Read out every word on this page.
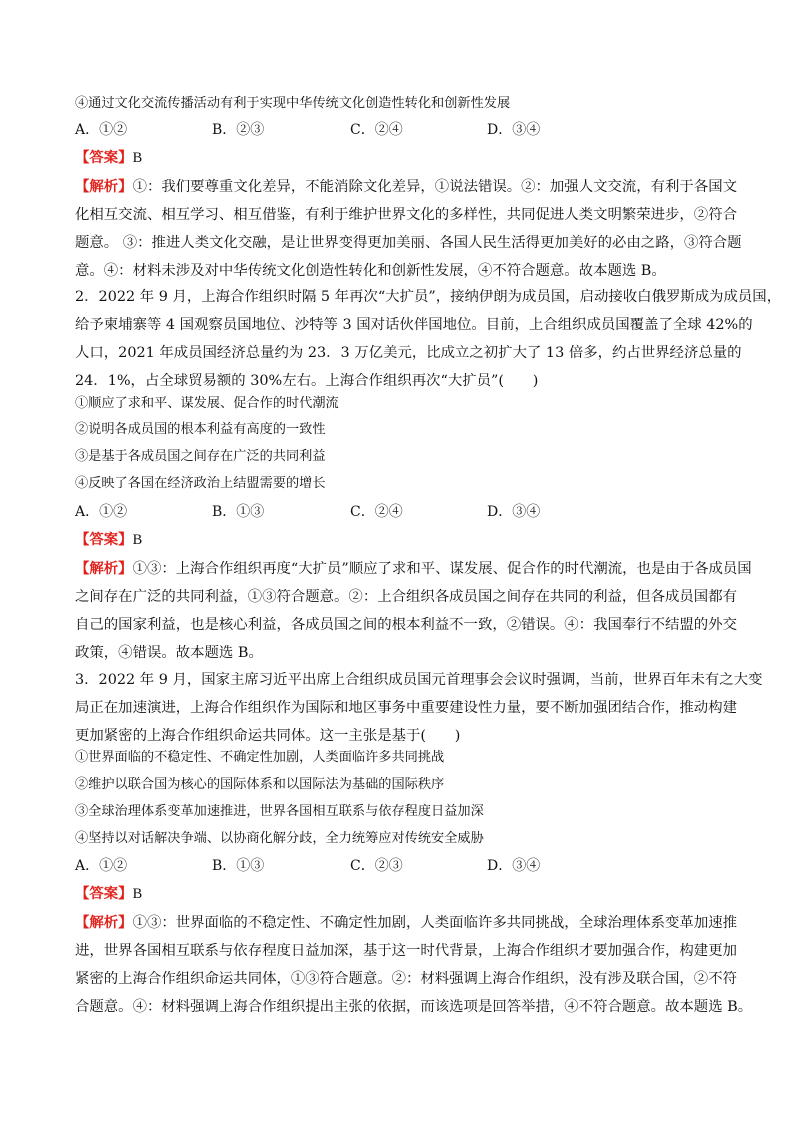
④通过文化交流传播活动有利于实现中华传统文化创造性转化和创新性发展
A．①②	B．②③	C．②④	D．③④
【答案】B
【解析】①：我们要尊重文化差异，不能消除文化差异，①说法错误。②：加强人文交流，有利于各国文
化相互交流、相互学习、相互借鉴，有利于维护世界文化的多样性，共同促进人类文明繁荣进步，②符合
题意。 ③：推进人类文化交融，是让世界变得更加美丽、各国人民生活得更加美好的必由之路，③符合题
意。④：材料未涉及对中华传统文化创造性转化和创新性发展，④不符合题意。故本题选 B。
2．2022 年 9 月，上海合作组织时隔 5 年再次“大扩员”，接纳伊朗为成员国，启动接收白俄罗斯成为成员国，
给予柬埔寨等 4 国观察员国地位、沙特等 3 国对话伙伴国地位。目前，上合组织成员国覆盖了全球 42%的
人口，2021 年成员国经济总量约为 23．3 万亿美元，比成立之初扩大了 13 倍多，约占世界经济总量的
24．1%，占全球贸易额的 30%左右。上海合作组织再次“大扩员”(　　)
①顺应了求和平、谋发展、促合作的时代潮流
②说明各成员国的根本利益有高度的一致性
③是基于各成员国之间存在广泛的共同利益
④反映了各国在经济政治上结盟需要的增长
A．①②	B．①③	C．②④	D．③④
【答案】B
【解析】①③：上海合作组织再度“大扩员”顺应了求和平、谋发展、促合作的时代潮流，也是由于各成员国
之间存在广泛的共同利益，①③符合题意。②：上合组织各成员国之间存在共同的利益，但各成员国都有
自己的国家利益，也是核心利益，各成员国之间的根本利益不一致，②错误。④：我国奉行不结盟的外交
政策，④错误。故本题选 B。
3．2022 年 9 月，国家主席习近平出席上合组织成员国元首理事会会议时强调，当前，世界百年未有之大变
局正在加速演进，上海合作组织作为国际和地区事务中重要建设性力量，要不断加强团结合作，推动构建
更加紧密的上海合作组织命运共同体。这一主张是基于(　　)
①世界面临的不稳定性、不确定性加剧，人类面临许多共同挑战
②维护以联合国为核心的国际体系和以国际法为基础的国际秩序
③全球治理体系变革加速推进，世界各国相互联系与依存程度日益加深
④坚持以对话解决争端、以协商化解分歧，全力统筹应对传统安全威胁
A．①②	B．①③	C．②③	D．③④
【答案】B
【解析】①③：世界面临的不稳定性、不确定性加剧，人类面临许多共同挑战，全球治理体系变革加速推
进，世界各国相互联系与依存程度日益加深，基于这一时代背景，上海合作组织才要加强合作，构建更加
紧密的上海合作组织命运共同体，①③符合题意。②：材料强调上海合作组织，没有涉及联合国，②不符
合题意。④：材料强调上海合作组织提出主张的依据，而该选项是回答举措，④不符合题意。故本题选 B。
